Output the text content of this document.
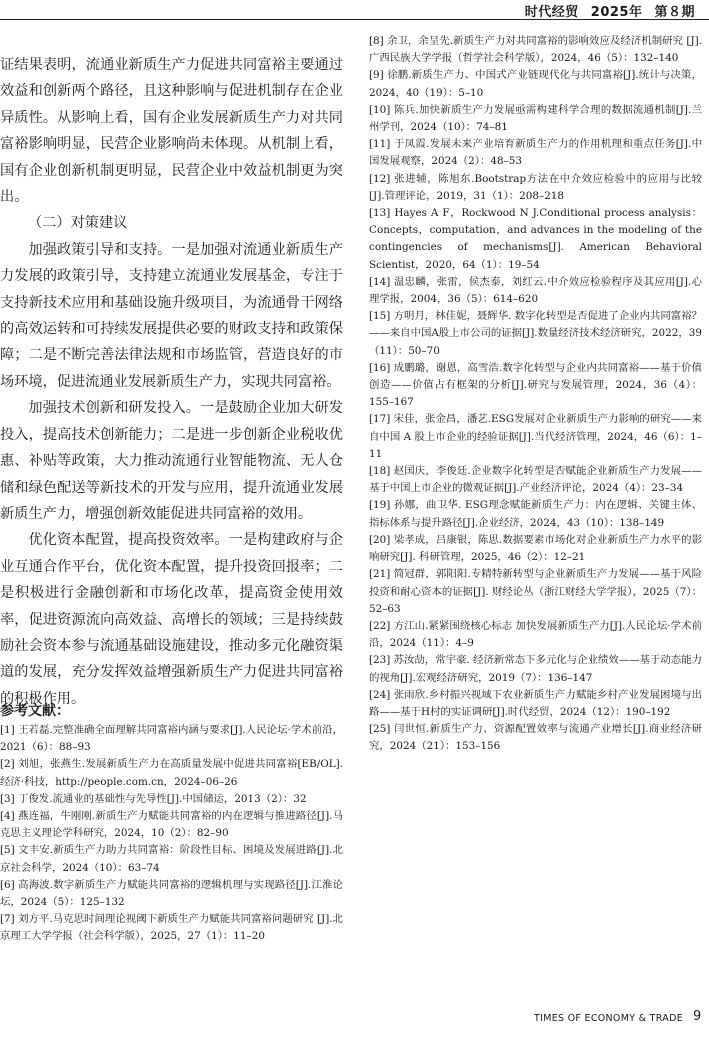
时代经贸 2025年 第８期

证结果表明，流通业新质生产力促进共同富裕主要通过效益和创新两个路径，且这种影响与促进机制存在企业异质性。从影响上看，国有企业发展新质生产力对共同富裕影响明显，民营企业影响尚未体现。从机制上看，国有企业创新机制更明显，民营企业中效益机制更为突出。

（二）对策建议

加强政策引导和支持。一是加强对流通业新质生产力发展的政策引导，支持建立流通业发展基金，专注于支持新技术应用和基础设施升级项目，为流通骨干网络的高效运转和可持续发展提供必要的财政支持和政策保障；二是不断完善法律法规和市场监管，营造良好的市场环境，促进流通业发展新质生产力，实现共同富裕。

加强技术创新和研发投入。一是鼓励企业加大研发投入，提高技术创新能力；二是进一步创新企业税收优惠、补贴等政策，大力推动流通行业智能物流、无人仓储和绿色配送等新技术的开发与应用，提升流通业发展新质生产力，增强创新效能促进共同富裕的效用。

优化资本配置，提高投资效率。一是构建政府与企业互通合作平台，优化资本配置，提升投资回报率；二是积极进行金融创新和市场化改革，提高资金使用效率，促进资源流向高效益、高增长的领域；三是持续鼓励社会资本参与流通基础设施建设，推动多元化融资渠道的发展，充分发挥效益增强新质生产力促进共同富裕的积极作用。

参考文献：

[1] 王若磊.完整准确全面理解共同富裕内涵与要求[J].人民论坛·学术前沿，2021（6）：88–93

[2] 刘旭，张燕生.发展新质生产力在高质量发展中促进共同富裕[EB/OL].经济·科技，http://people.com.cn，2024–06–26

[3] 丁俊发.流通业的基础性与先导性[J].中国储运，2013（2）：32

[4] 燕连福，牛刚刚.新质生产力赋能共同富裕的内在逻辑与推进路径[J].马克思主义理论学科研究，2024，10（2）：82–90

[5] 文丰安.新质生产力助力共同富裕：阶段性目标、困境及发展进路[J].北京社会科学，2024（10）：63–74

[6] 高海波.数字新质生产力赋能共同富裕的逻辑机理与实现路径[J].江淮论坛，2024（5）：125–132

[7] 刘方平.马克思时间理论视阈下新质生产力赋能共同富裕问题研究 [J].北京理工大学学报（社会科学版），2025，27（1）：11–20

[8] 余卫，余呈先.新质生产力对共同富裕的影响效应及经济机制研究 [J].广西民族大学学报（哲学社会科学版），2024，46（5）：132–140

[9] 徐鹏.新质生产力、中国式产业链现代化与共同富裕[J].统计与决策，2024，40（19）：5–10

[10] 陈兵.加快新质生产力发展亟需构建科学合理的数据流通机制[J].兰州学刊，2024（10）：74–81

[11] 于凤霞.发展未来产业培育新质生产力的作用机理和重点任务[J].中国发展观察，2024（2）：48–53

[12] 张进辅，陈旭东.Bootstrap方法在中介效应检验中的应用与比较[J].管理评论，2019，31（1）：208–218

[13] Hayes A F，Rockwood N J.Conditional process analysis：Concepts，computation，and advances in the modeling of the contingencies of mechanisms[J]. American Behavioral Scientist，2020，64（1）：19–54

[14] 温忠麟，张雷，侯杰泰，刘红云.中介效应检验程序及其应用[J].心理学报，2004，36（5）：614–620

[15] 方明月，林佳妮，聂辉华. 数字化转型是否促进了企业内共同富裕？——来自中国A股上市公司的证据[J].数量经济技术经济研究，2022，39（11）：50–70

[16] 成鹏璐，谢恩，高雪浩.数字化转型与企业内共同富裕——基于价值创造——价值占有框架的分析[J].研究与发展管理，2024，36（4）：155–167

[17] 宋佳，张金昌，潘艺.ESG发展对企业新质生产力影响的研究——来自中国 A 股上市企业的经验证据[J].当代经济管理，2024，46（6）：1–11

[18] 赵国庆，李俊廷.企业数字化转型是否赋能企业新质生产力发展——基于中国上市企业的微观证据[J].产业经济评论，2024（4）：23–34

[19] 孙娜，曲卫华. ESG理念赋能新质生产力：内在逻辑、关键主体、指标体系与提升路径[J].企业经济，2024，43（10）：138–149

[20] 梁孝成，吕康银，陈思.数据要素市场化对企业新质生产力水平的影响研究[J]. 科研管理，2025，46（2）：12–21

[21] 简冠群，郭阳阳.专精特新转型与企业新质生产力发展——基于风险投资和耐心资本的证据[J]. 财经论丛（浙江财经大学学报），2025（7）：52–63

[22] 方江山.紧紧围绕核心标志 加快发展新质生产力[J].人民论坛·学术前沿，2024（11）：4–9

[23] 苏汝劼，常宇豪. 经济新常态下多元化与企业绩效——基于动态能力的视角[J].宏观经济研究，2019（7）：136–147

[24] 张雨欣.乡村振兴视域下农业新质生产力赋能乡村产业发展困境与出路——基于H村的实证调研[J].时代经贸，2024（12）：190–192

[25] 闫世恒.新质生产力、资源配置效率与流通产业增长[J].商业经济研究，2024（21）：153–156

TIMES OF ECONOMY & TRADE 9
